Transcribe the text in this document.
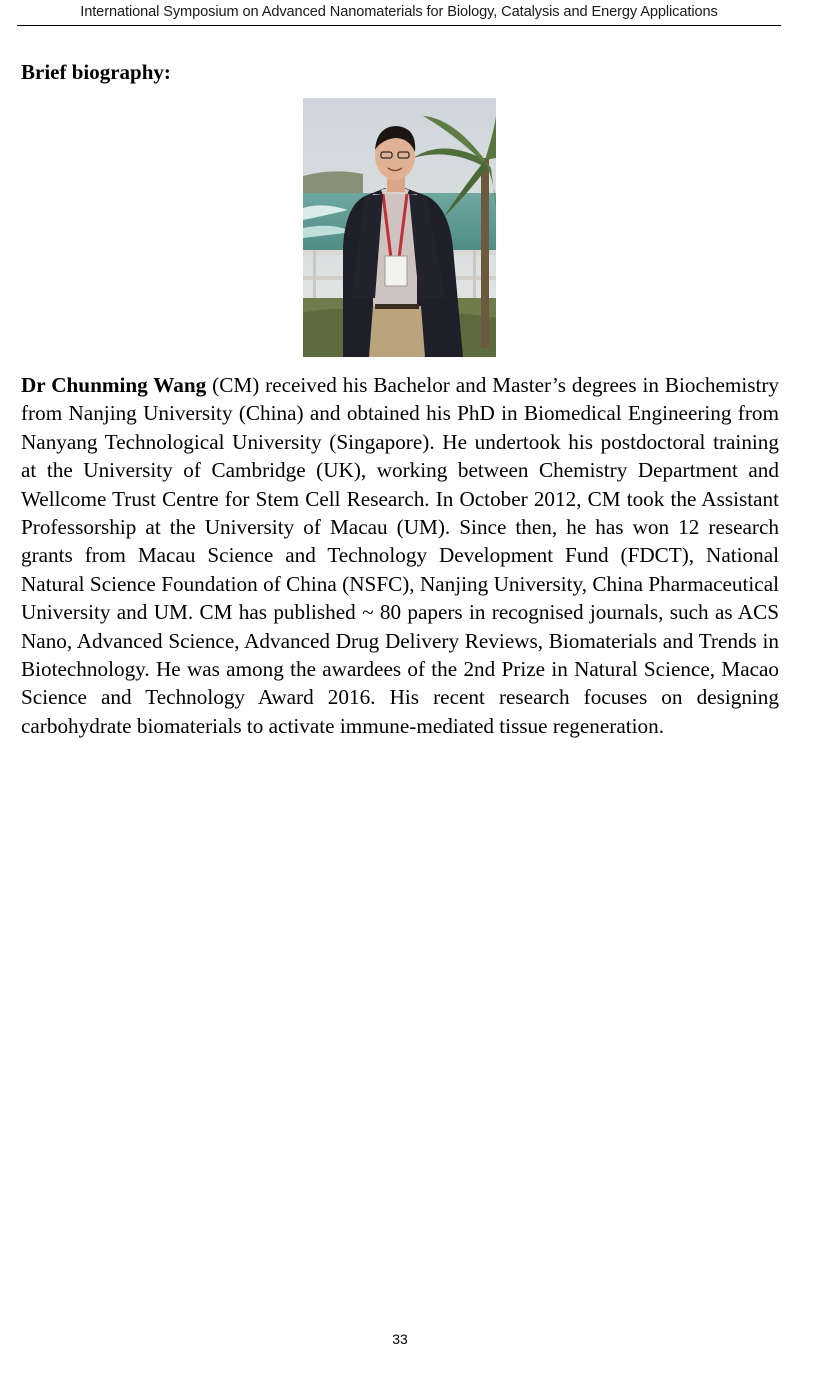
International Symposium on Advanced Nanomaterials for Biology, Catalysis and Energy Applications
Brief biography:
Dr Chunming Wang (CM) received his Bachelor and Master’s degrees in Biochemistry from Nanjing University (China) and obtained his PhD in Biomedical Engineering from Nanyang Technological University (Singapore). He undertook his postdoctoral training at the University of Cambridge (UK), working between Chemistry Department and Wellcome Trust Centre for Stem Cell Research. In October 2012, CM took the Assistant Professorship at the University of Macau (UM). Since then, he has won 12 research grants from Macau Science and Technology Development Fund (FDCT), National Natural Science Foundation of China (NSFC), Nanjing University, China Pharmaceutical University and UM. CM has published ~ 80 papers in recognised journals, such as ACS Nano, Advanced Science, Advanced Drug Delivery Reviews, Biomaterials and Trends in Biotechnology. He was among the awardees of the 2nd Prize in Natural Science, Macao Science and Technology Award 2016. His recent research focuses on designing carbohydrate biomaterials to activate immune-mediated tissue regeneration.
33
